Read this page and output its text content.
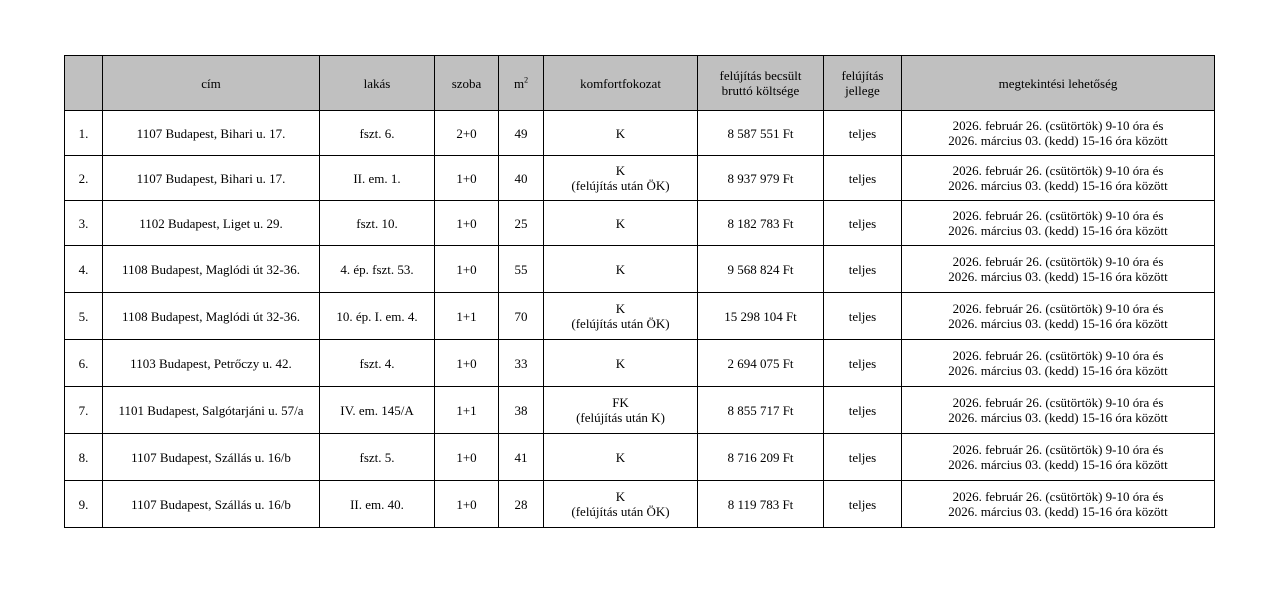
	cím	lakás	szoba	$m^2$	komfortfokozat	felújítás becsült
bruttó költsége	felújítás
jellege	megtekintési lehetőség
1.	1107 Budapest, Bihari u. 17.	fszt. 6.	2+0	49	K	8 587 551 Ft	teljes	2026. február 26. (csütörtök) 9-10 óra és
2026. március 03. (kedd) 15-16 óra között

2.	1107 Budapest, Bihari u. 17.	II. em. 1.	1+0	40	K
(felújítás után ÖK)	8 937 979 Ft	teljes	2026. február 26. (csütörtök) 9-10 óra és
2026. március 03. (kedd) 15-16 óra között

3.	1102 Budapest, Liget u. 29.	fszt. 10.	1+0	25	K	8 182 783 Ft	teljes	2026. február 26. (csütörtök) 9-10 óra és
2026. március 03. (kedd) 15-16 óra között

4.	1108 Budapest, Maglódi út 32-36.	4. ép. fszt. 53.	1+0	55	K	9 568 824 Ft	teljes	2026. február 26. (csütörtök) 9-10 óra és
2026. március 03. (kedd) 15-16 óra között

5.	1108 Budapest, Maglódi út 32-36.	10. ép. I. em. 4.	1+1	70	K
(felújítás után ÖK)	15 298 104 Ft	teljes	2026. február 26. (csütörtök) 9-10 óra és
2026. március 03. (kedd) 15-16 óra között

6.	1103 Budapest, Petrőczy u. 42.	fszt. 4.	1+0	33	K	2 694 075 Ft	teljes	2026. február 26. (csütörtök) 9-10 óra és
2026. március 03. (kedd) 15-16 óra között

7.	1101 Budapest, Salgótarjáni u. 57/a	IV. em. 145/A	1+1	38	FK
(felújítás után K)	8 855 717 Ft	teljes	2026. február 26. (csütörtök) 9-10 óra és
2026. március 03. (kedd) 15-16 óra között

8.	1107 Budapest, Szállás u. 16/b	fszt. 5.	1+0	41	K	8 716 209 Ft	teljes	2026. február 26. (csütörtök) 9-10 óra és
2026. március 03. (kedd) 15-16 óra között

9.	1107 Budapest, Szállás u. 16/b	II. em. 40.	1+0	28	K
(felújítás után ÖK)	8 119 783 Ft	teljes	2026. február 26. (csütörtök) 9-10 óra és
2026. március 03. (kedd) 15-16 óra között
